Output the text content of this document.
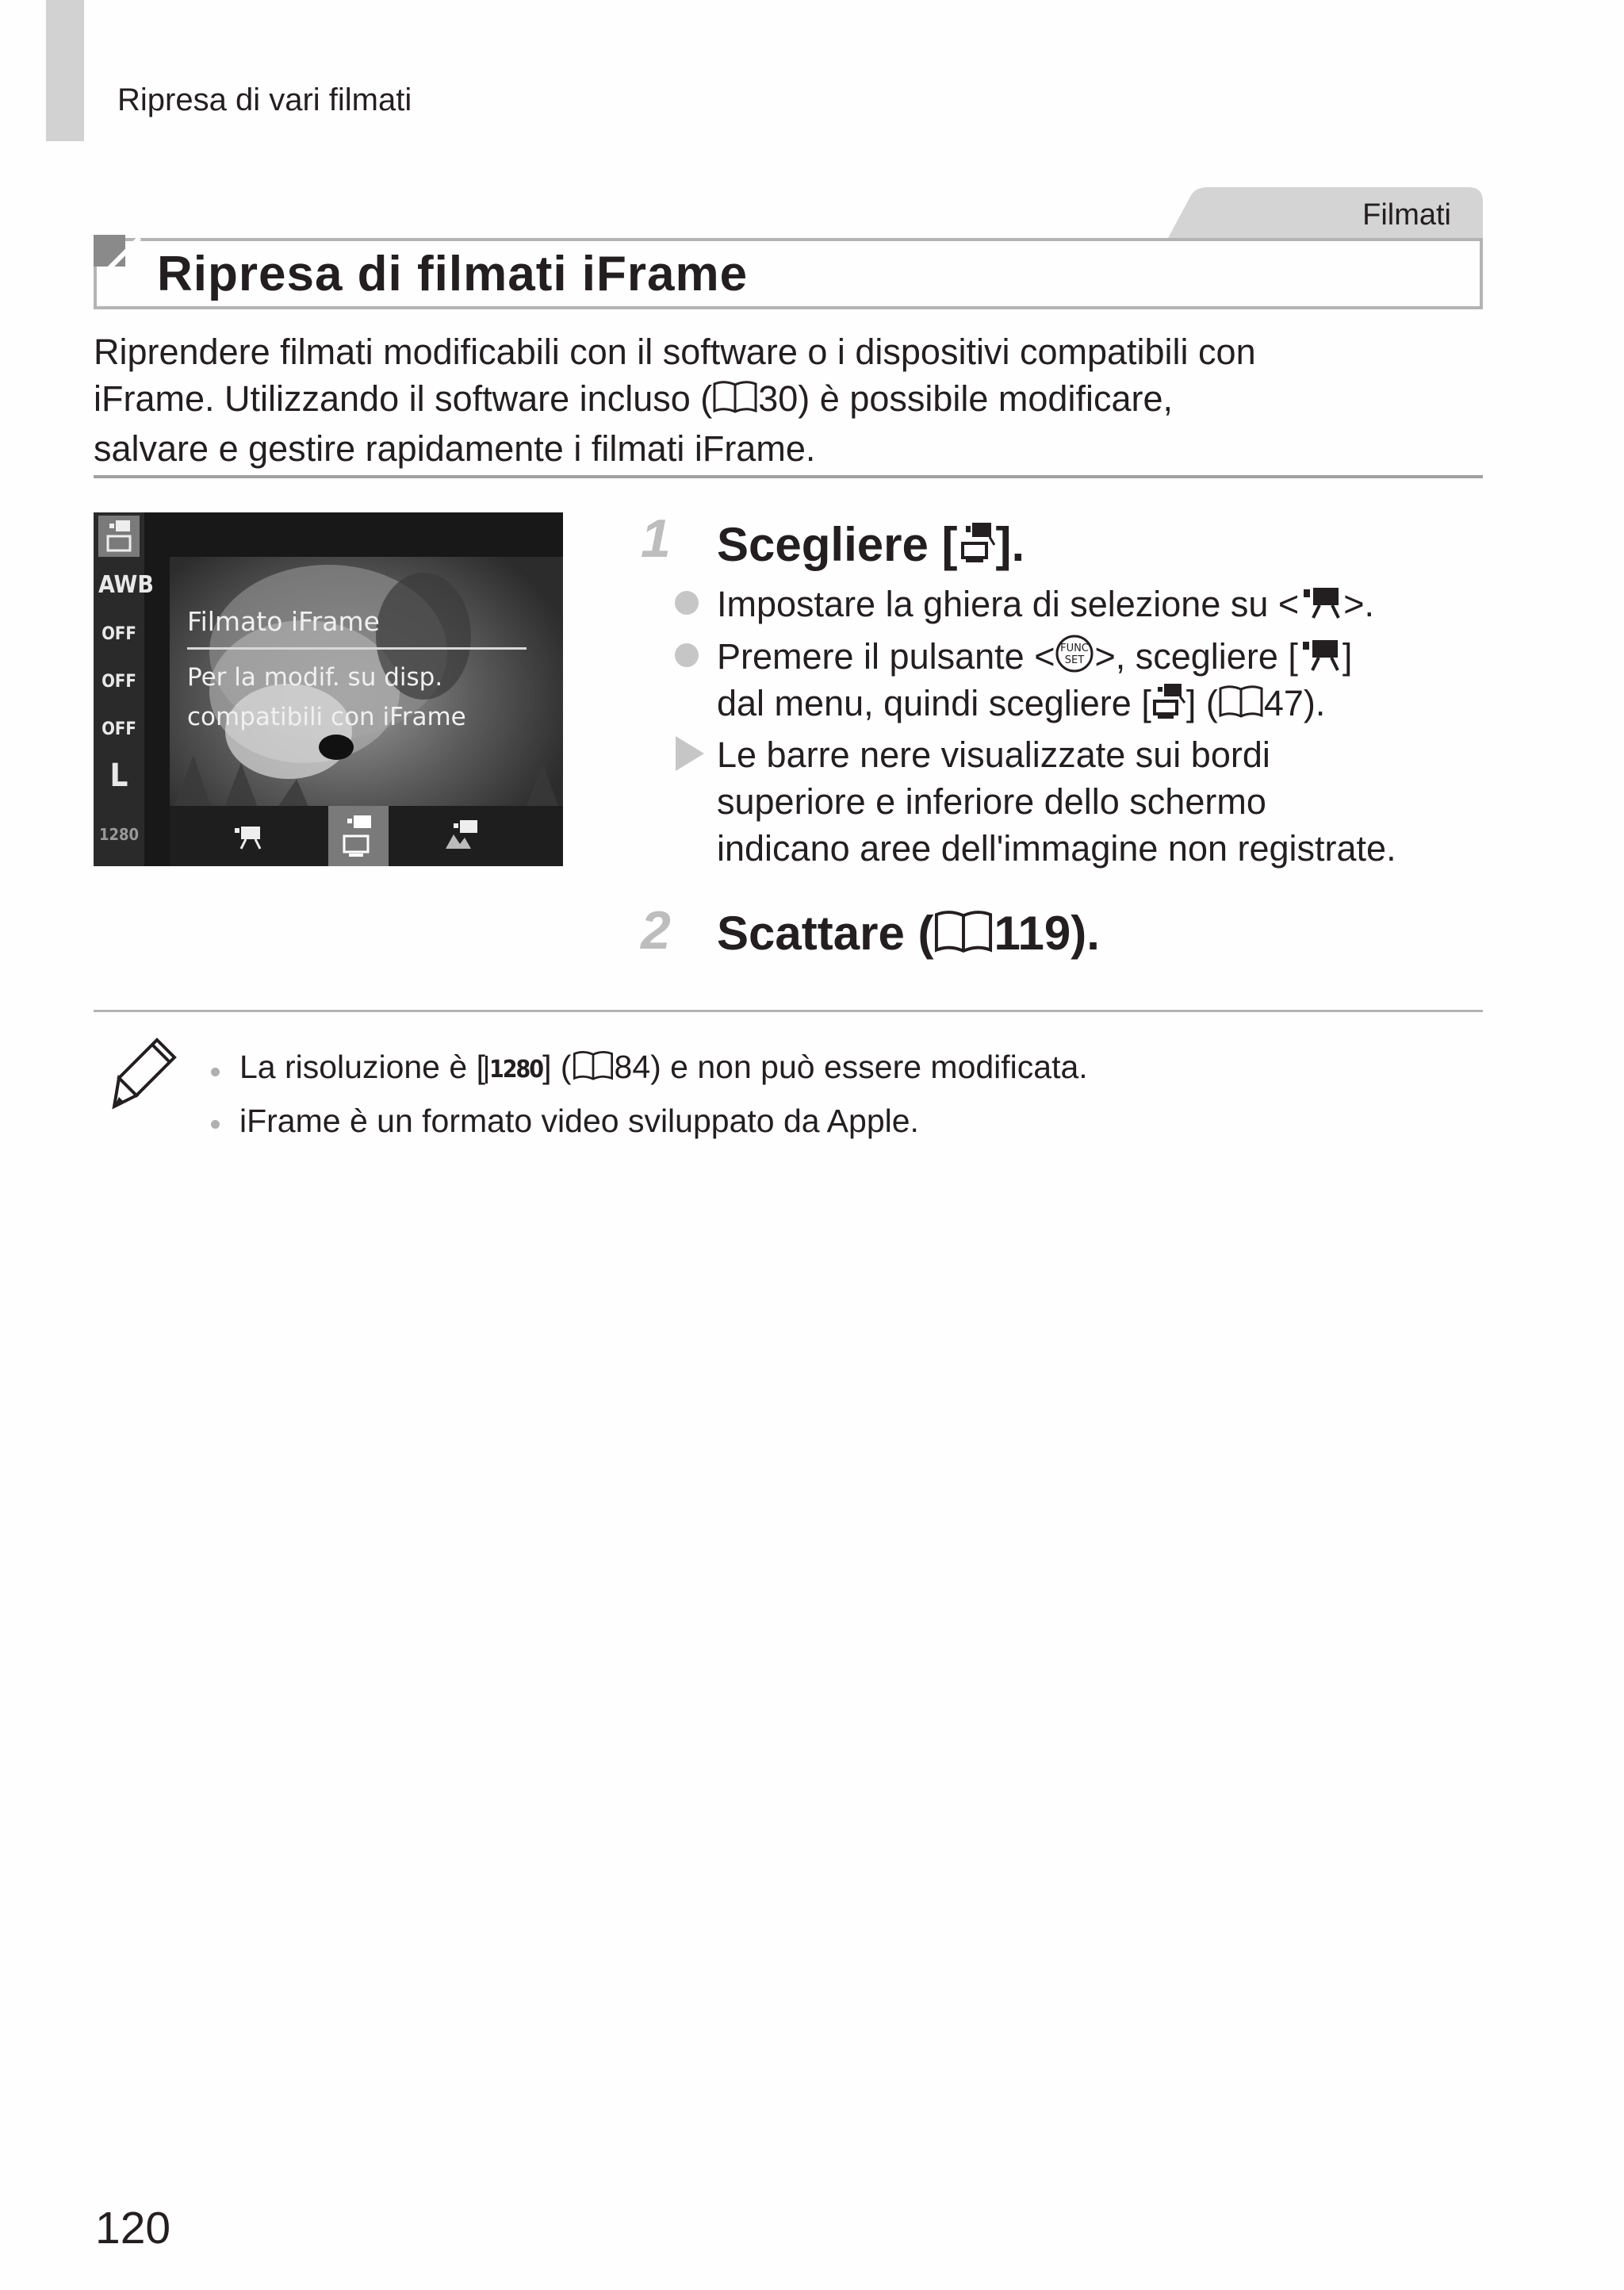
Ripresa di vari filmati
Filmati
Ripresa di filmati iFrame
Riprendere filmati modificabili con il software o i dispositivi compatibili con
iFrame. Utilizzando il software incluso ( 30) è possibile modificare,
salvare e gestire rapidamente i filmati iFrame.
AWB
OFF
OFF
OFF
L
1280
Filmato iFrame
Per la modif. su disp.
compatibili con iFrame
1 Scegliere [ ].
Impostare la ghiera di selezione su < >.
Premere il pulsante < FUNC
SET >, scegliere [ ]
dal menu, quindi scegliere [ ] ( 47).
Le barre nere visualizzate sui bordi
superiore e inferiore dello schermo
indicano aree dell'immagine non registrate.
2 Scattare ( 119).
La risoluzione è [ 1280] ( 84) e non può essere modificata.
iFrame è un formato video sviluppato da Apple.
120
